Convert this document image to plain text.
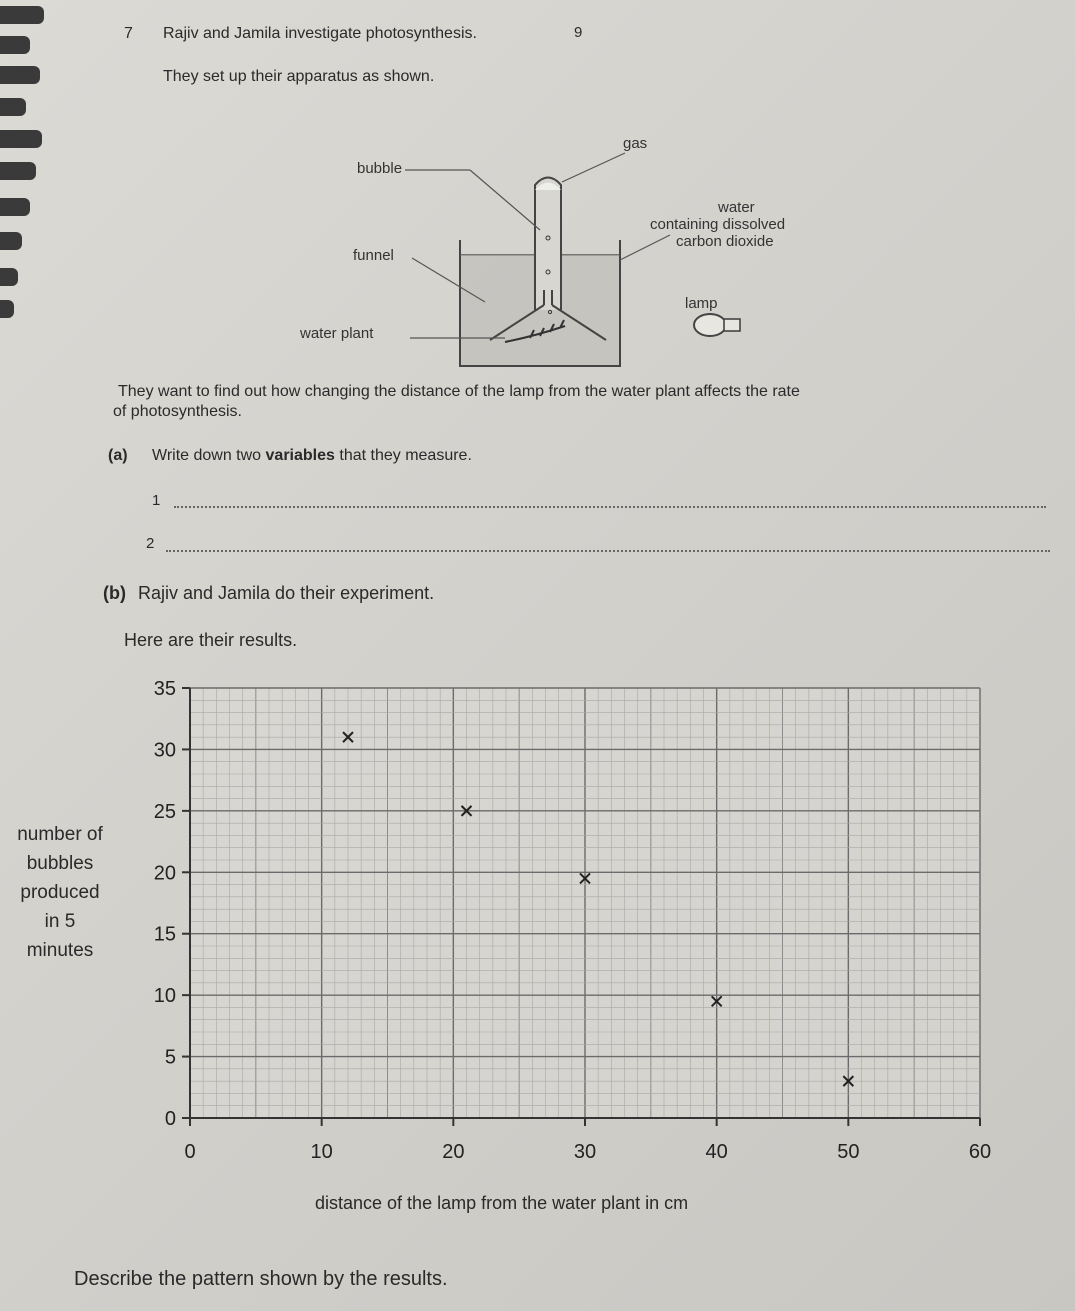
9
7 Rajiv and Jamila investigate photosynthesis.
They set up their apparatus as shown.
gas
bubble
water
containing dissolved
carbon dioxide
funnel
lamp
water plant
They want to find out how changing the distance of the lamp from the water plant affects the rate
of photosynthesis.
(a) Write down two variables that they measure.
1
2
(b) Rajiv and Jamila do their experiment.
Here are their results.
number of
bubbles
produced
in 5
minutes
0
5
10
15
20
25
30
35
0	10	20	30	40	50	60
distance of the lamp from the water plant in cm
Describe the pattern shown by the results.
